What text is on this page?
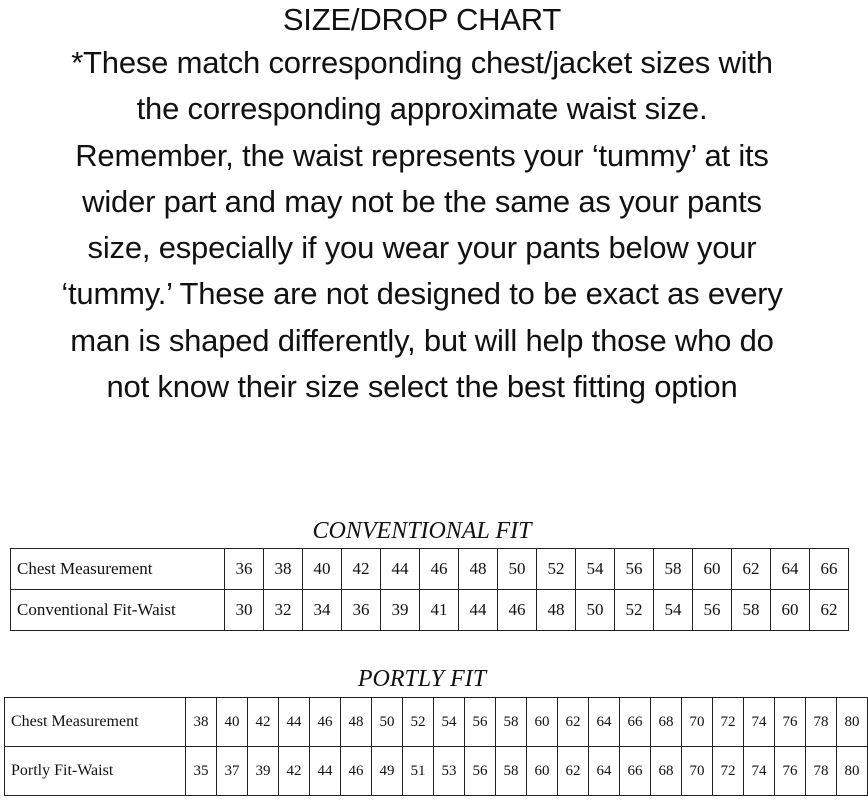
SIZE/DROP CHART
*These match corresponding chest/jacket sizes with the corresponding approximate waist size. Remember, the waist represents your ‘tummy’ at its wider part and may not be the same as your pants size, especially if you wear your pants below your ‘tummy.’ These are not designed to be exact as every man is shaped differently, but will help those who do not know their size select the best fitting option
CONVENTIONAL FIT
Chest Measurement	36	38	40	42	44	46	48	50	52	54	56	58	60	62	64	66
Conventional Fit-Waist	30	32	34	36	39	41	44	46	48	50	52	54	56	58	60	62
PORTLY FIT
Chest Measurement	38	40	42	44	46	48	50	52	54	56	58	60	62	64	66	68	70	72	74	76	78	80
Portly Fit-Waist	35	37	39	42	44	46	49	51	53	56	58	60	62	64	66	68	70	72	74	76	78	80
